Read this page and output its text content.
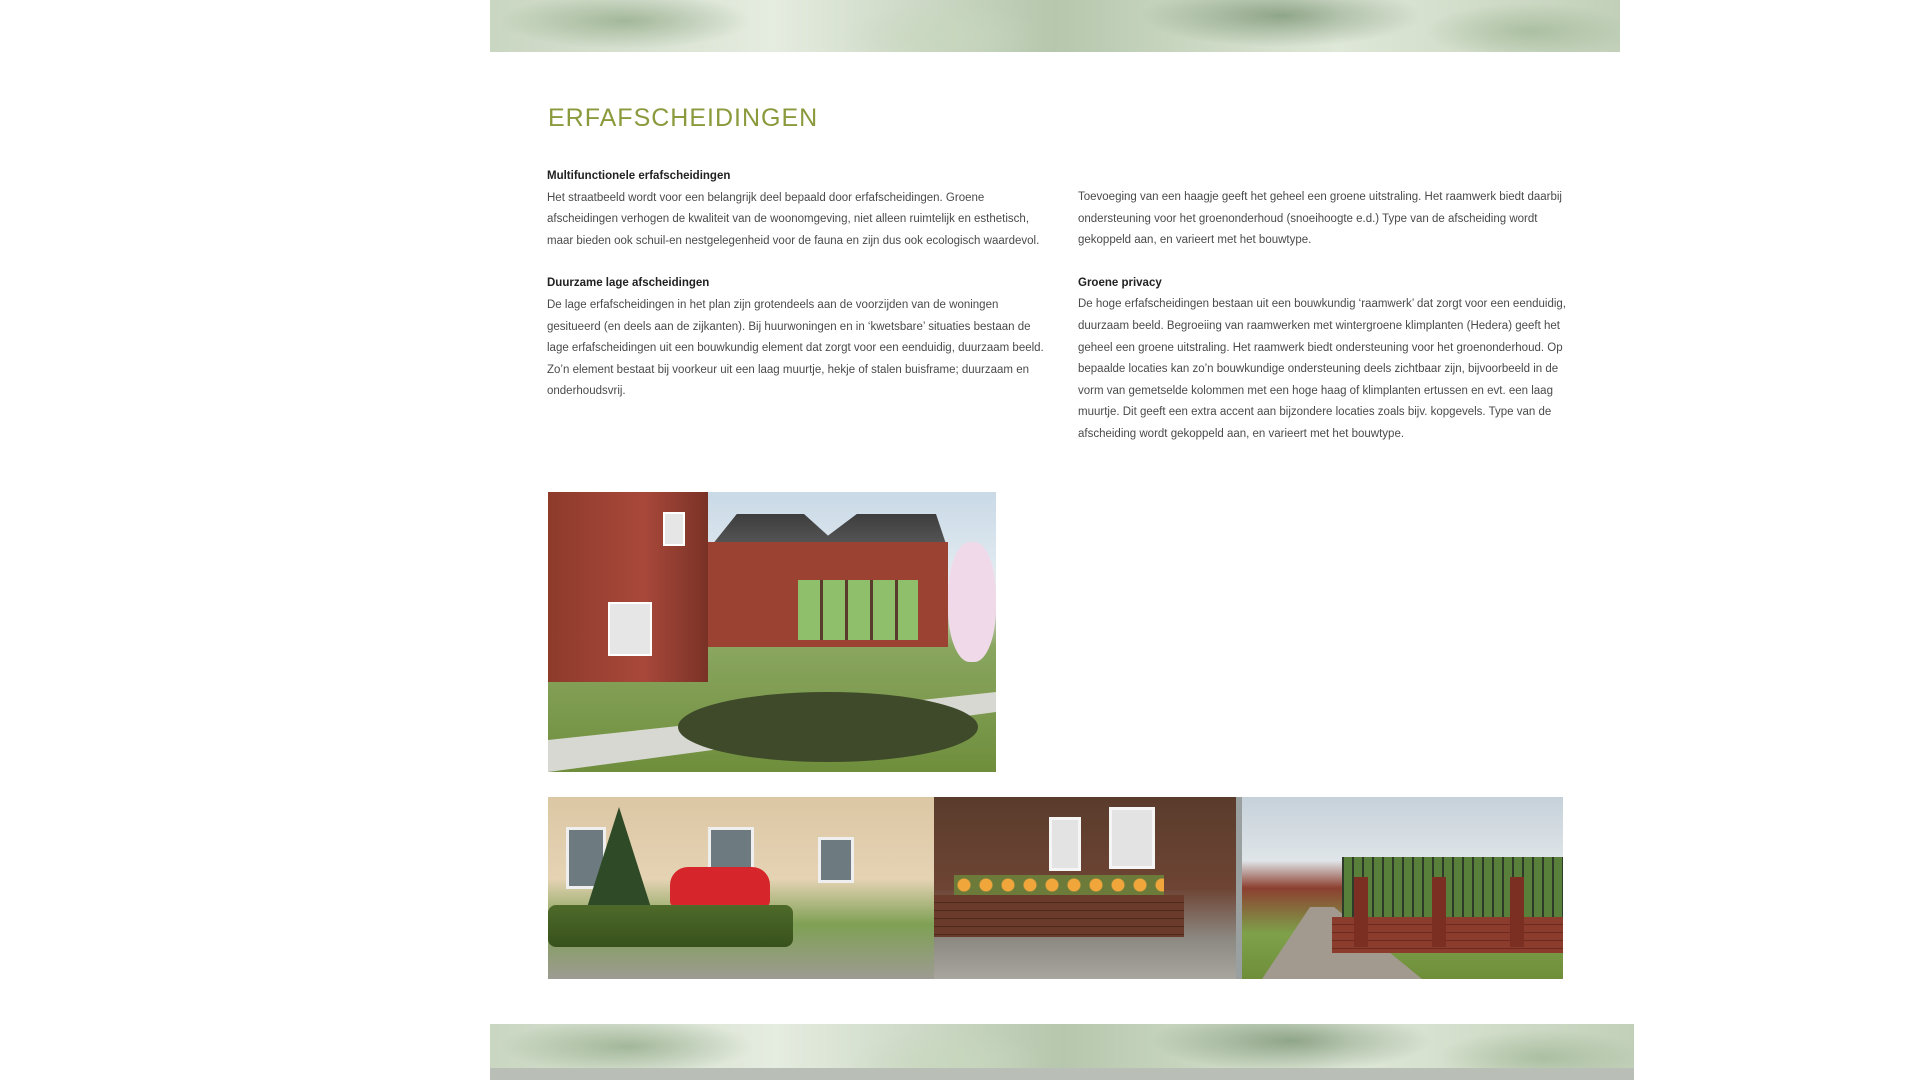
ERFAFSCHEIDINGEN
Multifunctionele erfafscheidingen

Het straatbeeld wordt voor een belangrijk deel bepaald door erfafscheidingen. Groene afscheidingen verhogen de kwaliteit van de woonomgeving, niet alleen ruimtelijk en esthetisch, maar bieden ook schuil-en nestgelegenheid voor de fauna en zijn dus ook ecologisch waardevol.

Duurzame lage afscheidingen

De lage erfafscheidingen in het plan zijn grotendeels aan de voorzijden van de woningen gesitueerd (en deels aan de zijkanten). Bij huurwoningen en in ‘kwetsbare’ situaties bestaan de lage erfafscheidingen uit een bouwkundig element dat zorgt voor een eenduidig, duurzaam beeld. Zo’n element bestaat bij voorkeur uit een laag muurtje, hekje of stalen buisframe; duurzaam en onderhoudsvrij.

Toevoeging van een haagje geeft het geheel een groene uitstraling. Het raamwerk biedt daarbij ondersteuning voor het groenonderhoud (snoeihoogte e.d.) Type van de afscheiding wordt gekoppeld aan, en varieert met het bouwtype.

Groene privacy

De hoge erfafscheidingen bestaan uit een bouwkundig ‘raamwerk’ dat zorgt voor een eenduidig, duurzaam beeld. Begroeiing van raamwerken met wintergroene klimplanten (Hedera) geeft het geheel een groene uitstraling. Het raamwerk biedt ondersteuning voor het groenonderhoud. Op bepaalde locaties kan zo’n bouwkundige ondersteuning deels zichtbaar zijn, bijvoorbeeld in de vorm van gemetselde kolommen met een hoge haag of klimplanten ertussen en evt. een laag muurtje. Dit geeft een extra accent aan bijzondere locaties zoals bijv. kopgevels. Type van de afscheiding wordt gekoppeld aan, en varieert met het bouwtype.
